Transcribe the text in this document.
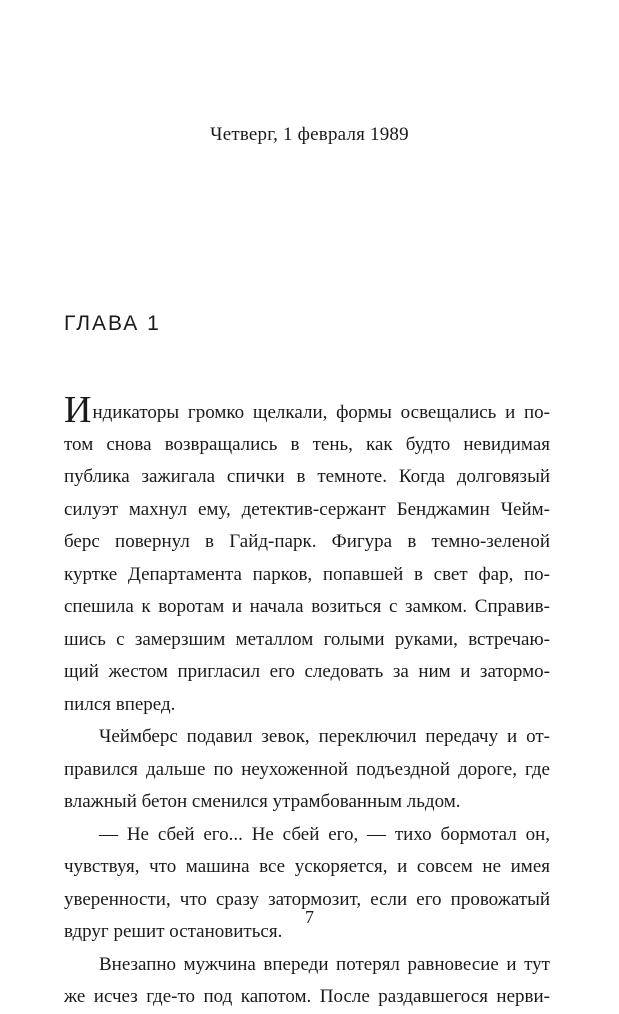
Четверг, 1 февраля 1989
ГЛАВА 1
Индикаторы громко щелкали, формы освещались и по-
том снова возвращались в тень, как будто невидимая
публика зажигала спички в темноте. Когда долговязый
силуэт махнул ему, детектив-сержант Бенджамин Чейм-
берс повернул в Гайд-парк. Фигура в темно-зеленой
куртке Департамента парков, попавшей в свет фар, по-
спешила к воротам и начала возиться с замком. Справив-
шись с замерзшим металлом голыми руками, встречаю-
щий жестом пригласил его следовать за ним и затормо-
пился вперед.
Чеймберс подавил зевок, переключил передачу и от-
правился дальше по неухоженной подъездной дороге, где
влажный бетон сменился утрамбованным льдом.
— Не сбей его... Не сбей его, — тихо бормотал он,
чувствуя, что машина все ускоряется, и совсем не имея
уверенности, что сразу затормозит, если его провожатый
вдруг решит остановиться.
Внезапно мужчина впереди потерял равновесие и тут
же исчез где-то под капотом. После раздавшегося нерви-
7
